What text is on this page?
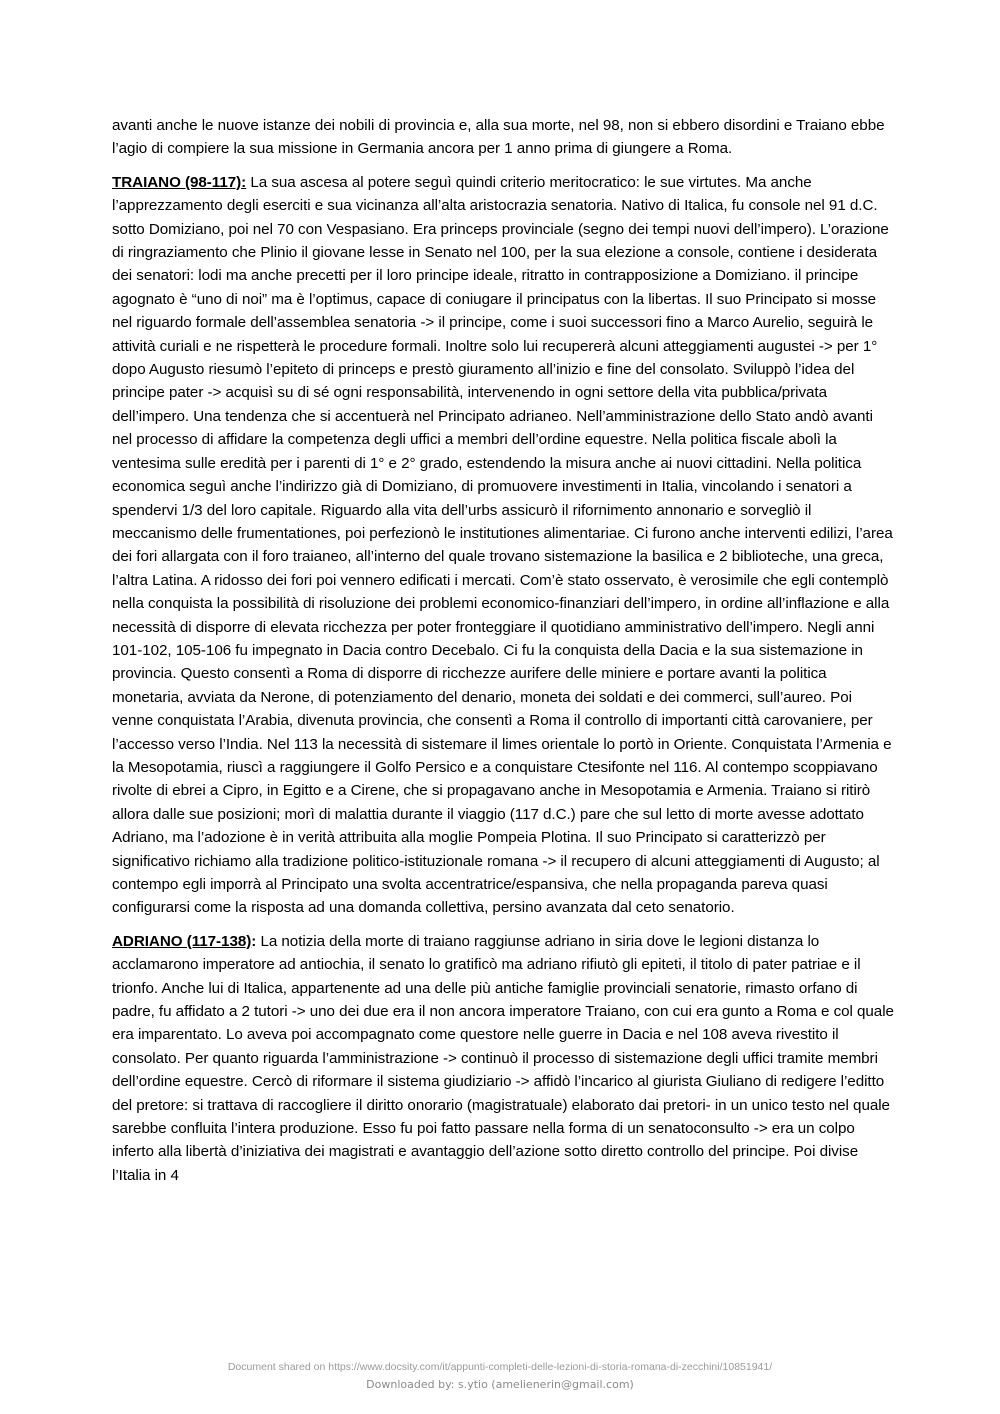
avanti anche le nuove istanze dei nobili di provincia e, alla sua morte, nel 98, non si ebbero disordini e Traiano ebbe l’agio di compiere la sua missione in Germania ancora per 1 anno prima di giungere a Roma.

TRAIANO (98-117): La sua ascesa al potere seguì quindi criterio meritocratico: le sue virtutes. Ma anche l’apprezzamento degli eserciti e sua vicinanza all’alta aristocrazia senatoria. Nativo di Italica, fu console nel 91 d.C. sotto Domiziano, poi nel 70 con Vespasiano. Era princeps provinciale (segno dei tempi nuovi dell’impero). L’orazione di ringraziamento che Plinio il giovane lesse in Senato nel 100, per la sua elezione a console, contiene i desiderata dei senatori: lodi ma anche precetti per il loro principe ideale, ritratto in contrapposizione a Domiziano. il principe agognato è “uno di noi” ma è l’optimus, capace di coniugare il principatus con la libertas. Il suo Principato si mosse nel riguardo formale dell’assemblea senatoria -> il principe, come i suoi successori fino a Marco Aurelio, seguirà le attività curiali e ne rispetterà le procedure formali. Inoltre solo lui recupererà alcuni atteggiamenti augustei -> per 1° dopo Augusto riesumò l’epiteto di princeps e prestò giuramento all’inizio e fine del consolato. Sviluppò l’idea del principe pater -> acquisì su di sé ogni responsabilità, intervenendo in ogni settore della vita pubblica/privata dell’impero. Una tendenza che si accentuerà nel Principato adrianeo. Nell’amministrazione dello Stato andò avanti nel processo di affidare la competenza degli uffici a membri dell’ordine equestre. Nella politica fiscale abolì la ventesima sulle eredità per i parenti di 1° e 2° grado, estendendo la misura anche ai nuovi cittadini. Nella politica economica seguì anche l’indirizzo già di Domiziano, di promuovere investimenti in Italia, vincolando i senatori a spendervi 1/3 del loro capitale. Riguardo alla vita dell’urbs assicurò il rifornimento annonario e sorvegliò il meccanismo delle frumentationes, poi perfezionò le institutiones alimentariae. Ci furono anche interventi edilizi, l’area dei fori allargata con il foro traianeo, all’interno del quale trovano sistemazione la basilica e 2 biblioteche, una greca, l’altra Latina. A ridosso dei fori poi vennero edificati i mercati. Com’è stato osservato, è verosimile che egli contemplò nella conquista la possibilità di risoluzione dei problemi economico-finanziari dell’impero, in ordine all’inflazione e alla necessità di disporre di elevata ricchezza per poter fronteggiare il quotidiano amministrativo dell’impero. Negli anni 101-102, 105-106 fu impegnato in Dacia contro Decebalo. Ci fu la conquista della Dacia e la sua sistemazione in provincia. Questo consentì a Roma di disporre di ricchezze aurifere delle miniere e portare avanti la politica monetaria, avviata da Nerone, di potenziamento del denario, moneta dei soldati e dei commerci, sull’aureo. Poi venne conquistata l’Arabia, divenuta provincia, che consentì a Roma il controllo di importanti città carovaniere, per l’accesso verso l’India. Nel 113 la necessità di sistemare il limes orientale lo portò in Oriente. Conquistata l’Armenia e la Mesopotamia, riuscì a raggiungere il Golfo Persico e a conquistare Ctesifonte nel 116. Al contempo scoppiavano rivolte di ebrei a Cipro, in Egitto e a Cirene, che si propagavano anche in Mesopotamia e Armenia. Traiano si ritirò allora dalle sue posizioni; morì di malattia durante il viaggio (117 d.C.) pare che sul letto di morte avesse adottato Adriano, ma l’adozione è in verità attribuita alla moglie Pompeia Plotina. Il suo Principato si caratterizzò per significativo richiamo alla tradizione politico-istituzionale romana -> il recupero di alcuni atteggiamenti di Augusto; al contempo egli imporrà al Principato una svolta accentratrice/espansiva, che nella propaganda pareva quasi configurarsi come la risposta ad una domanda collettiva, persino avanzata dal ceto senatorio.

ADRIANO (117-138): La notizia della morte di traiano raggiunse adriano in siria dove le legioni distanza lo acclamarono imperatore ad antiochia, il senato lo gratificò ma adriano rifiutò gli epiteti, il titolo di pater patriae e il trionfo. Anche lui di Italica, appartenente ad una delle più antiche famiglie provinciali senatorie, rimasto orfano di padre, fu affidato a 2 tutori -> uno dei due era il non ancora imperatore Traiano, con cui era gunto a Roma e col quale era imparentato. Lo aveva poi accompagnato come questore nelle guerre in Dacia e nel 108 aveva rivestito il consolato. Per quanto riguarda l’amministrazione -> continuò il processo di sistemazione degli uffici tramite membri dell’ordine equestre. Cercò di riformare il sistema giudiziario -> affidò l’incarico al giurista Giuliano di redigere l’editto del pretore: si trattava di raccogliere il diritto onorario (magistratuale) elaborato dai pretori- in un unico testo nel quale sarebbe confluita l’intera produzione. Esso fu poi fatto passare nella forma di un senatoconsulto -> era un colpo inferto alla libertà d’iniziativa dei magistrati e avantaggio dell’azione sotto diretto controllo del principe. Poi divise l’Italia in 4

Document shared on https://www.docsity.com/it/appunti-completi-delle-lezioni-di-storia-romana-di-zecchini/10851941/
Downloaded by: s.ytio (amelienerin@gmail.com)
